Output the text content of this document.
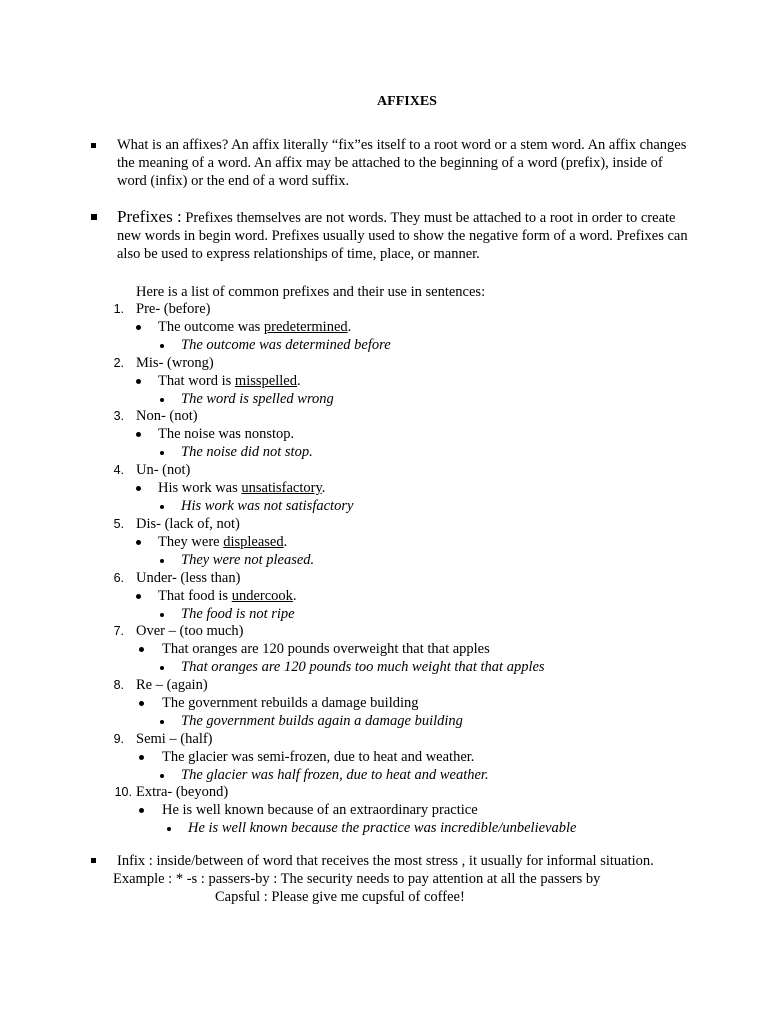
AFFIXES
What is an affixes? An affix literally “fix”es itself to a root word or a stem word. An affix changes the meaning of a word. An affix may be attached to the beginning of a word (prefix), inside of word (infix) or the end of a word suffix.
Prefixes : Prefixes themselves are not words. They must be attached to a root in order to create new words in begin word. Prefixes usually used to show the negative form of a word. Prefixes can also be used to express relationships of time, place, or manner.
Here is a list of common prefixes and their use in sentences:
1. Pre- (before)
The outcome was predetermined.
The outcome was determined before
2. Mis- (wrong)
That word is misspelled.
The word is spelled wrong
3. Non- (not)
The noise was nonstop.
The noise did not stop.
4. Un- (not)
His work was unsatisfactory.
His work was not satisfactory
5. Dis- (lack of, not)
They were displeased.
They were not pleased.
6. Under- (less than)
That food is undercook.
The food is not ripe
7. Over – (too much)
That oranges are 120 pounds overweight that that apples
That oranges are 120 pounds too much weight that that apples
8. Re – (again)
The government rebuilds a damage building
The government builds again a damage building
9. Semi – (half)
The glacier was semi-frozen, due to heat and weather.
The glacier was half frozen, due to heat and weather.
10. Extra- (beyond)
He is well known because of an extraordinary practice
He is well known because the practice was incredible/unbelievable
Infix : inside/between of word that receives the most stress , it usually for informal situation.
Example : * -s : passers-by : The security needs to pay attention at all the passers by
Capsful : Please give me cupsful of coffee!
